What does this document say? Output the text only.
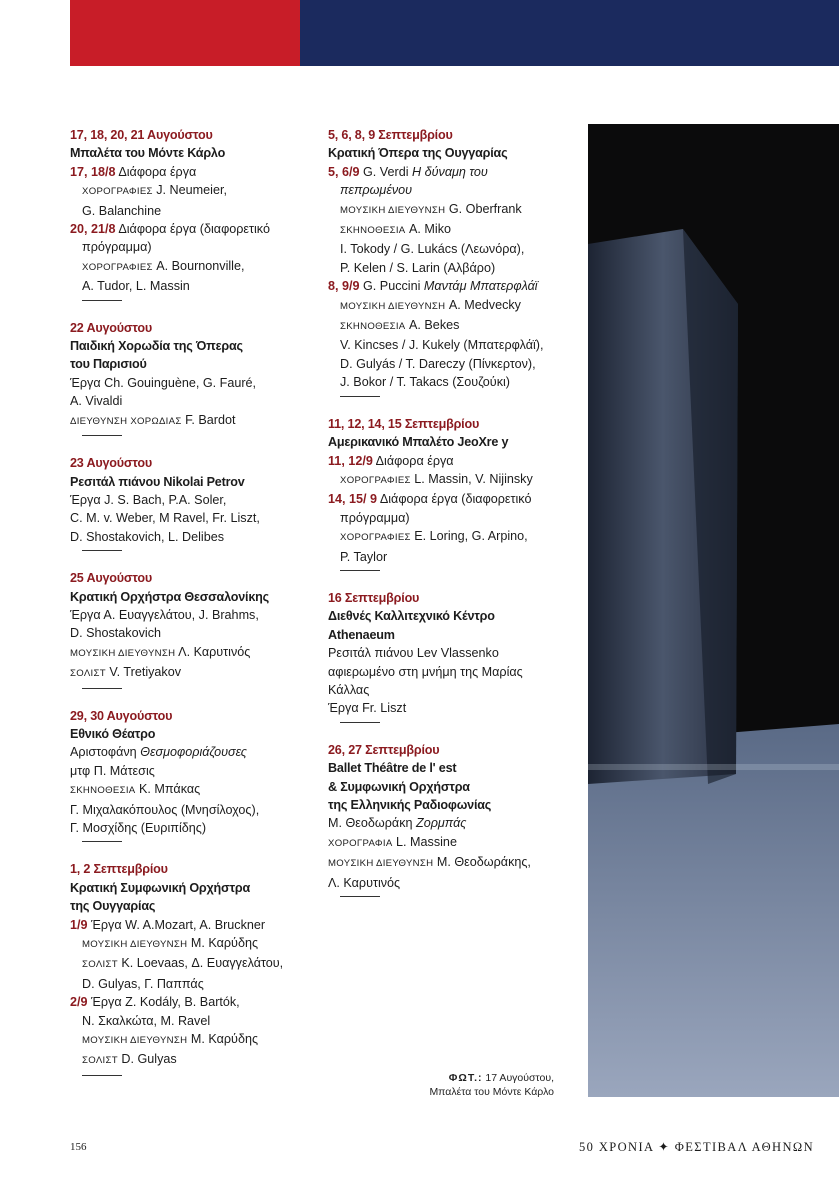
17, 18, 20, 21 Αυγούστου
Μπαλέτα του Μόντε Κάρλο
17, 18/8 Διάφορα έργα
ΧΟΡΟΓΡΑΦΙΕΣ J. Neumeier,
G. Balanchine
20, 21/8 Διάφορα έργα (διαφορετικό
πρόγραμμα)
ΧΟΡΟΓΡΑΦΙΕΣ A. Bournonville,
A. Tudor, L. Massin
22 Αυγούστου
Παιδική Χορωδία της Όπερας
του Παρισιού
Έργα Ch. Gouinguène, G. Fauré,
A. Vivaldi
ΔΙΕΥΘΥΝΣΗ ΧΟΡΩΔΙΑΣ F. Bardot
23 Αυγούστου
Ρεσιτάλ πιάνου Nikolai Petrov
Έργα J. S. Bach, P.A. Soler,
C. M. v. Weber, M Ravel, Fr. Liszt,
D. Shostakovich, L. Delibes
25 Αυγούστου
Κρατική Ορχήστρα Θεσσαλονίκης
Έργα Α. Ευαγγελάτου, J. Brahms,
D. Shostakovich
ΜΟΥΣΙΚΗ ΔΙΕΥΘΥΝΣΗ Λ. Καρυτινός
ΣΟΛΙΣΤ V. Tretiyakov
29, 30 Αυγούστου
Εθνικό Θέατρο
Αριστοφάνη Θεσμοφοριάζουσες
μτφ Π. Μάτεσις
ΣΚΗΝΟΘΕΣΙΑ Κ. Μπάκας
Γ. Μιχαλακόπουλος (Μνησίλοχος),
Γ. Μοσχίδης (Ευριπίδης)
1, 2 Σεπτεμβρίου
Κρατική Συμφωνική Ορχήστρα
της Ουγγαρίας
1/9 Έργα W. A.Mozart, A. Bruckner
ΜΟΥΣΙΚΗ ΔΙΕΥΘΥΝΣΗ Μ. Καρύδης
ΣΟΛΙΣΤ K. Loevaas, Δ. Ευαγγελάτου,
D. Gulyas, Γ. Παππάς
2/9 Έργα Z. Kodály, B. Bartók,
Ν. Σκαλκώτα, M. Ravel
ΜΟΥΣΙΚΗ ΔΙΕΥΘΥΝΣΗ Μ. Καρύδης
ΣΟΛΙΣΤ D. Gulyas
5, 6, 8, 9 Σεπτεμβρίου
Κρατική Όπερα της Ουγγαρίας
5, 6/9 G. Verdi Η δύναμη του
πεπρωμένου
ΜΟΥΣΙΚΗ ΔΙΕΥΘΥΝΣΗ G. Oberfrank
ΣΚΗΝΟΘΕΣΙΑ A. Miko
I. Tokody / G. Lukács (Λεωνόρα),
P. Kelen / S. Larin (Αλβάρο)
8, 9/9 G. Puccini Μαντάμ Μπατερφλάϊ
ΜΟΥΣΙΚΗ ΔΙΕΥΘΥΝΣΗ A. Medvecky
ΣΚΗΝΟΘΕΣΙΑ A. Bekes
V. Kincses / J. Kukely (Μπατερφλάϊ),
D. Gulyás / T. Dareczy (Πίνκερτον),
J. Bokor / T. Takacs (Σουζούκι)
11, 12, 14, 15 Σεπτεμβρίου
Αμερικανικό Μπαλέτο JeoXre y
11, 12/9 Διάφορα έργα
ΧΟΡΟΓΡΑΦΙΕΣ L. Massin, V. Nijinsky
14, 15/ 9 Διάφορα έργα (διαφορετικό
πρόγραμμα)
ΧΟΡΟΓΡΑΦΙΕΣ E. Loring, G. Arpino,
P. Taylor
16 Σεπτεμβρίου
Διεθνές Καλλιτεχνικό Κέντρο
Athenaeum
Ρεσιτάλ πιάνου Lev Vlassenko
αφιερωμένο στη μνήμη της Μαρίας
Κάλλας
Έργα Fr. Liszt
26, 27 Σεπτεμβρίου
Ballet Théâtre de l' est
& Συμφωνική Ορχήστρα
της Ελληνικής Ραδιοφωνίας
Μ. Θεοδωράκη Ζορμπάς
ΧΟΡΟΓΡΑΦΙΑ L. Massine
ΜΟΥΣΙΚΗ ΔΙΕΥΘΥΝΣΗ Μ. Θεοδωράκης,
Λ. Καρυτινός
ΦΩΤ.: 17 Αυγούστου,
Μπαλέτα του Μόντε Κάρλο
156	50 ΧΡΟΝΙΑ ✦ ΦΕΣΤΙΒΑΛ ΑΘΗΝΩΝ
